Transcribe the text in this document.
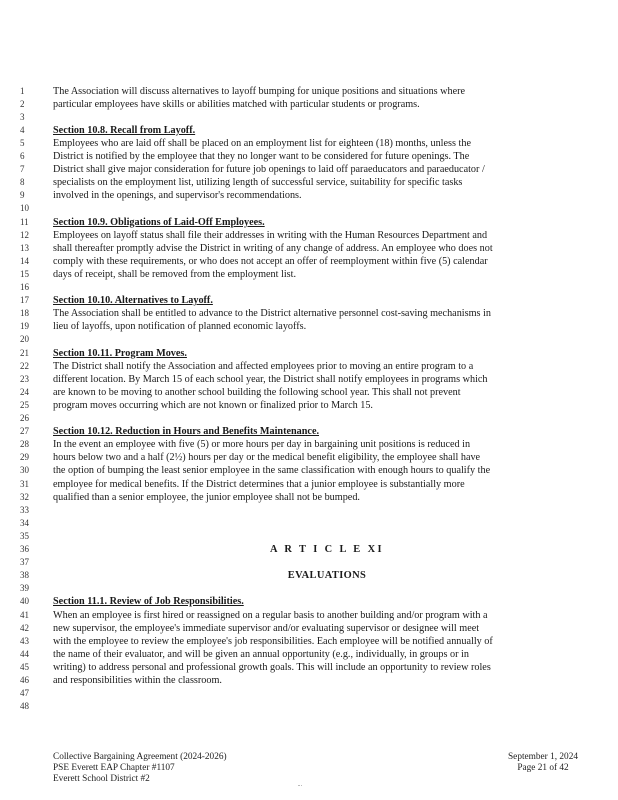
1	The Association will discuss alternatives to layoff bumping for unique positions and situations where
2	particular employees have skills or abilities matched with particular students or programs.
3
4	Section 10.8. Recall from Layoff.
5	Employees who are laid off shall be placed on an employment list for eighteen (18) months, unless the
6	District is notified by the employee that they no longer want to be considered for future openings. The
7	District shall give major consideration for future job openings to laid off paraeducators and paraeducator /
8	specialists on the employment list, utilizing length of successful service, suitability for specific tasks
9	involved in the openings, and supervisor's recommendations.
10
11	Section 10.9. Obligations of Laid-Off Employees.
12	Employees on layoff status shall file their addresses in writing with the Human Resources Department and
13	shall thereafter promptly advise the District in writing of any change of address. An employee who does not
14	comply with these requirements, or who does not accept an offer of reemployment within five (5) calendar
15	days of receipt, shall be removed from the employment list.
16
17	Section 10.10. Alternatives to Layoff.
18	The Association shall be entitled to advance to the District alternative personnel cost-saving mechanisms in
19	lieu of layoffs, upon notification of planned economic layoffs.
20
21	Section 10.11. Program Moves.
22	The District shall notify the Association and affected employees prior to moving an entire program to a
23	different location. By March 15 of each school year, the District shall notify employees in programs which
24	are known to be moving to another school building the following school year. This shall not prevent
25	program moves occurring which are not known or finalized prior to March 15.
26
27	Section 10.12. Reduction in Hours and Benefits Maintenance.
28	In the event an employee with five (5) or more hours per day in bargaining unit positions is reduced in
29	hours below two and a half (2½) hours per day or the medical benefit eligibility, the employee shall have
30	the option of bumping the least senior employee in the same classification with enough hours to qualify the
31	employee for medical benefits. If the District determines that a junior employee is substantially more
32	qualified than a senior employee, the junior employee shall not be bumped.
33
34
35
36	A R T I C L E XI
37
38	EVALUATIONS
39
40	Section 11.1. Review of Job Responsibilities.
41	When an employee is first hired or reassigned on a regular basis to another building and/or program with a
42	new supervisor, the employee's immediate supervisor and/or evaluating supervisor or designee will meet
43	with the employee to review the employee's job responsibilities. Each employee will be notified annually of
44	the name of their evaluator, and will be given an annual opportunity (e.g., individually, in groups or in
45	writing) to address personal and professional growth goals. This will include an opportunity to review roles
46	and responsibilities within the classroom.
47
48
Collective Bargaining Agreement (2024-2026)
PSE Everett EAP Chapter #1107
Everett School District #2
September 1, 2024
Page 21 of 42
